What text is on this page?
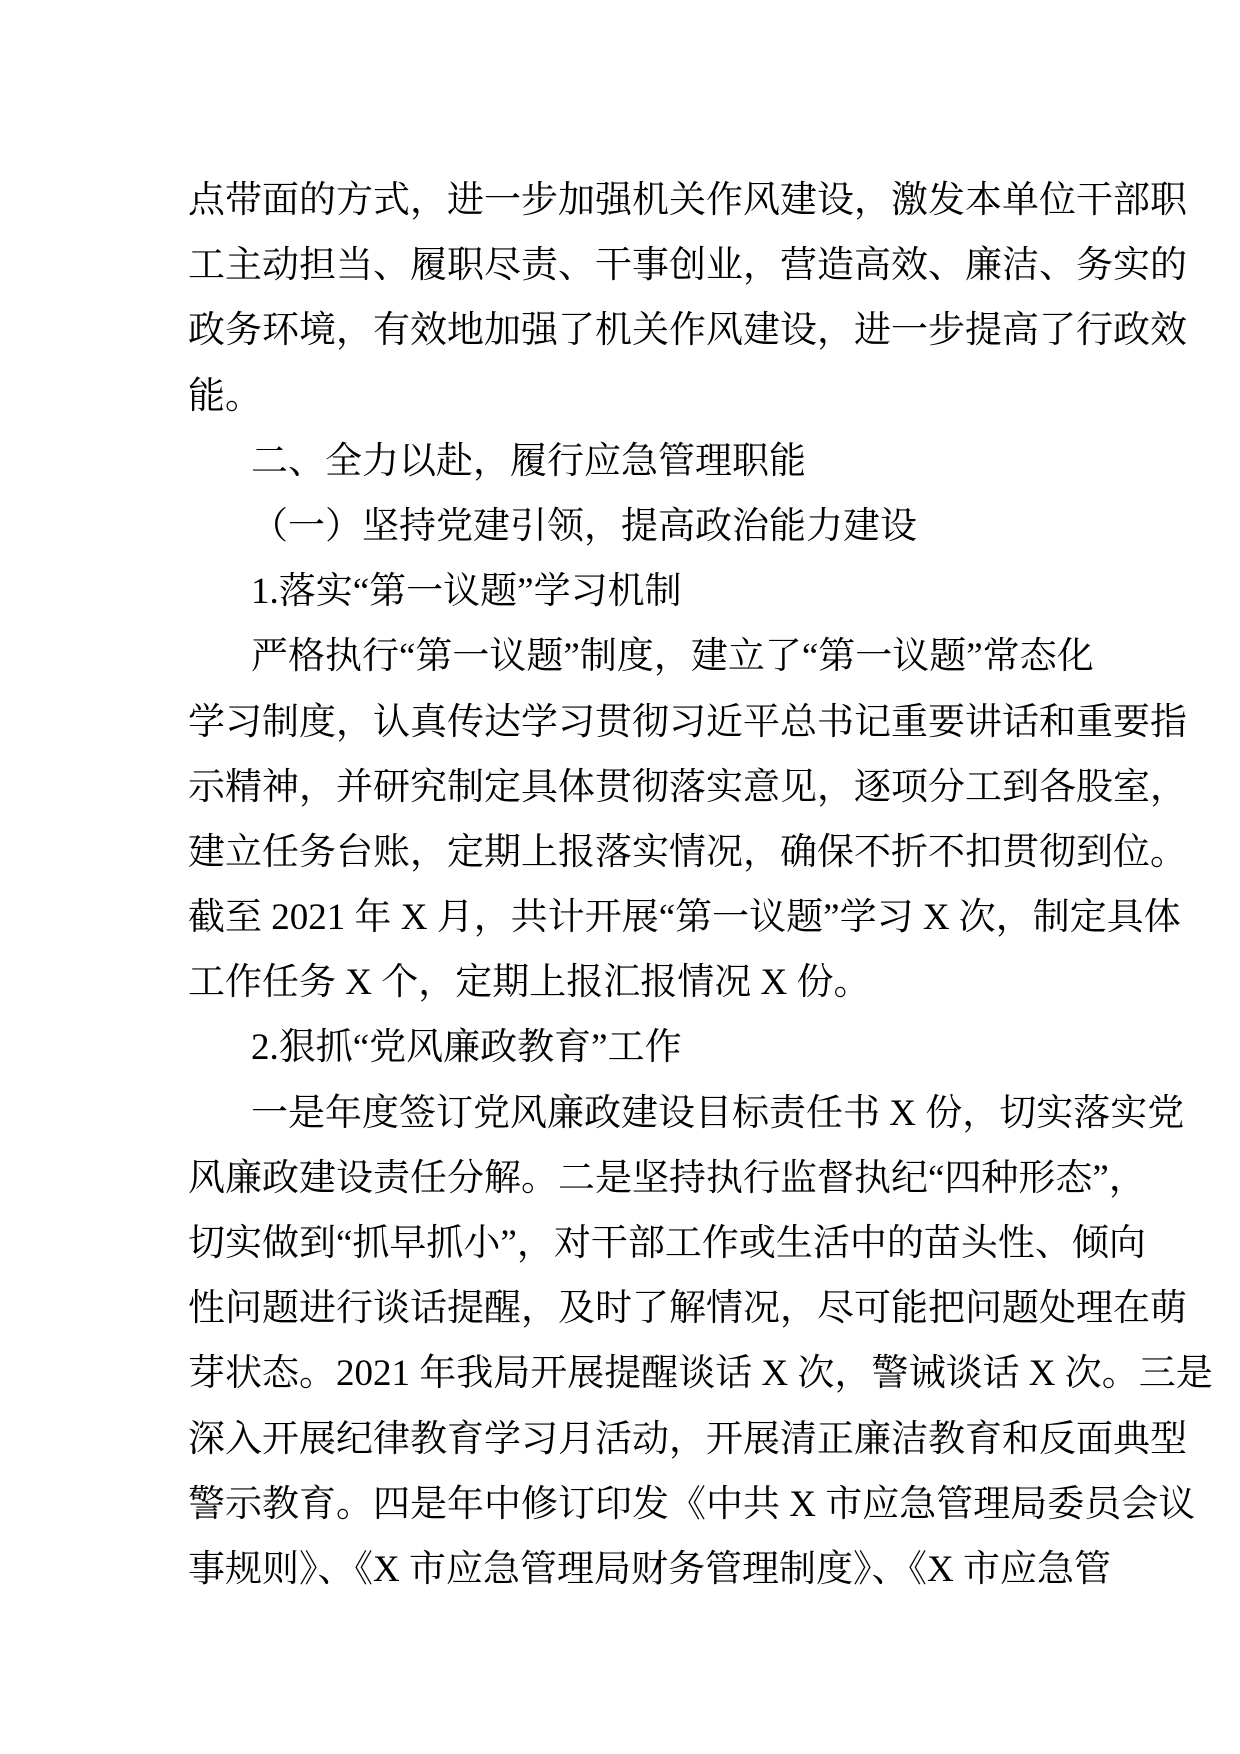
点带面的方式，进一步加强机关作风建设，激发本单位干部职
工主动担当、履职尽责、干事创业，营造高效、廉洁、务实的
政务环境，有效地加强了机关作风建设，进一步提高了行政效
能。
二、全力以赴，履行应急管理职能
（一）坚持党建引领，提高政治能力建设
1.落实“第一议题”学习机制
严格执行“第一议题”制度，建立了“第一议题”常态化
学习制度，认真传达学习贯彻习近平总书记重要讲话和重要指
示精神，并研究制定具体贯彻落实意见，逐项分工到各股室，
建立任务台账，定期上报落实情况，确保不折不扣贯彻到位。
截至 2021 年 X 月，共计开展“第一议题”学习 X 次，制定具体
工作任务 X 个，定期上报汇报情况 X 份。
2.狠抓“党风廉政教育”工作
一是年度签订党风廉政建设目标责任书 X 份，切实落实党
风廉政建设责任分解。二是坚持执行监督执纪“四种形态”，
切实做到“抓早抓小”，对干部工作或生活中的苗头性、倾向
性问题进行谈话提醒，及时了解情况，尽可能把问题处理在萌
芽状态。2021 年我局开展提醒谈话 X 次，警诫谈话 X 次。三是
深入开展纪律教育学习月活动，开展清正廉洁教育和反面典型
警示教育。四是年中修订印发《中共 X 市应急管理局委员会议
事规则》、《X 市应急管理局财务管理制度》、《X 市应急管
